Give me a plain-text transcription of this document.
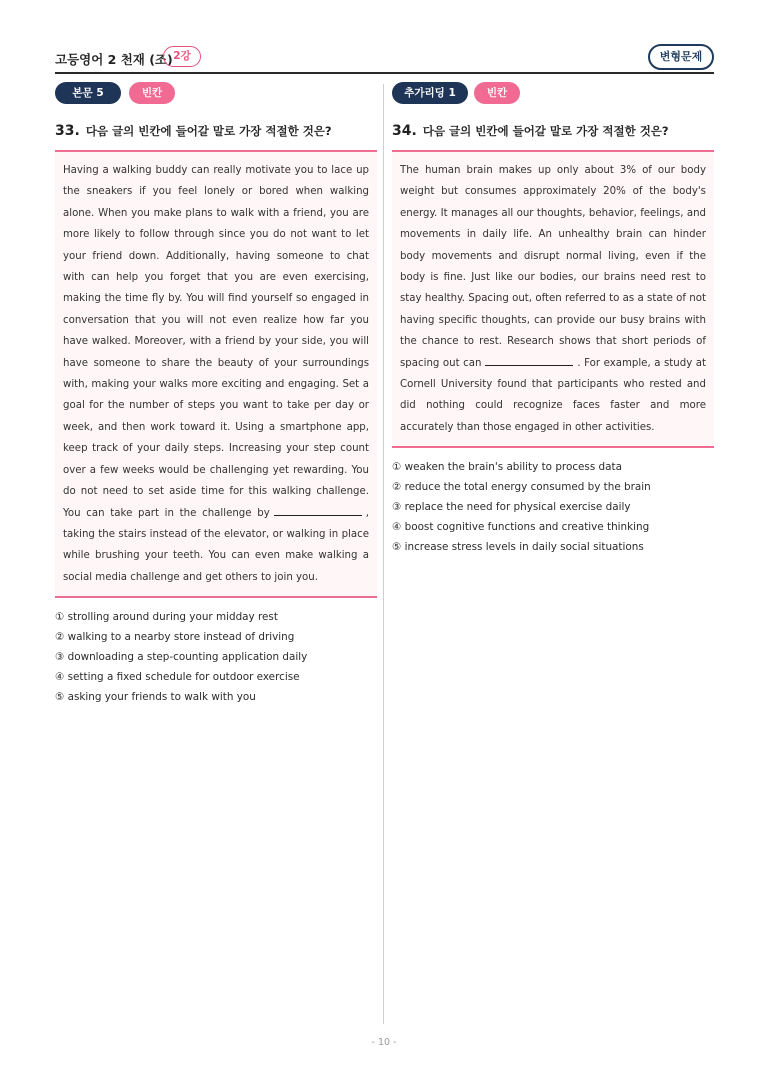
고등영어 2 천재 (조) 2강	변형문제
본문 5	빈칸
33. 다음 글의 빈칸에 들어갈 말로 가장 적절한 것은?
Having a walking buddy can really motivate you to lace up the sneakers if you feel lonely or bored when walking alone. When you make plans to walk with a friend, you are more likely to follow through since you do not want to let your friend down. Additionally, having someone to chat with can help you forget that you are even exercising, making the time fly by. You will find yourself so engaged in conversation that you will not even realize how far you have walked. Moreover, with a friend by your side, you will have someone to share the beauty of your surroundings with, making your walks more exciting and engaging. Set a goal for the number of steps you want to take per day or week, and then work toward it. Using a smartphone app, keep track of your daily steps. Increasing your step count over a few weeks would be challenging yet rewarding. You do not need to set aside time for this walking challenge. You can take part in the challenge by	, taking the stairs instead of the elevator, or walking in place while brushing your teeth. You can even make walking a social media challenge and get others to join you.
① strolling around during your midday rest
② walking to a nearby store instead of driving
③ downloading a step-counting application daily
④ setting a fixed schedule for outdoor exercise
⑤ asking your friends to walk with you
추가리딩 1	빈칸
34. 다음 글의 빈칸에 들어갈 말로 가장 적절한 것은?
The human brain makes up only about 3% of our body weight but consumes approximately 20% of the body's energy. It manages all our thoughts, behavior, feelings, and movements in daily life. An unhealthy brain can hinder body movements and disrupt normal living, even if the body is fine. Just like our bodies, our brains need rest to stay healthy. Spacing out, often referred to as a state of not having specific thoughts, can provide our busy brains with the chance to rest. Research shows that short periods of spacing out can	. For example, a study at Cornell University found that participants who rested and did nothing could recognize faces faster and more accurately than those engaged in other activities.
① weaken the brain's ability to process data
② reduce the total energy consumed by the brain
③ replace the need for physical exercise daily
④ boost cognitive functions and creative thinking
⑤ increase stress levels in daily social situations
- 10 -
